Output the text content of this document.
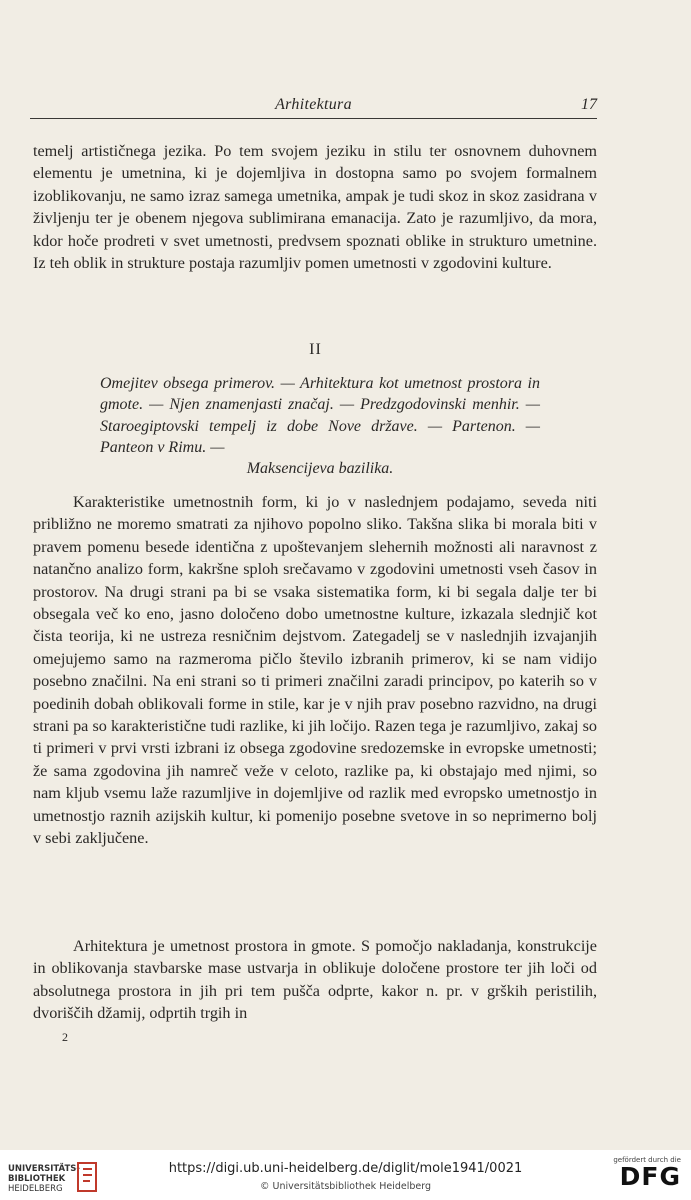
Arhitektura	17

temelj artističnega jezika. Po tem svojem jeziku in stilu ter osnovnem duhovnem elementu je umetnina, ki je dojemljiva in dostopna samo po svojem formalnem izoblikovanju, ne samo izraz samega umetnika, ampak je tudi skoz in skoz zasidrana v življenju ter je obenem njegova sublimirana emanacija. Zato je razumljivo, da mora, kdor hoče prodreti v svet umetnosti, predvsem spoznati oblike in strukturo umetnine. Iz teh oblik in strukture postaja razumljiv pomen umetnosti v zgodovini kulture.

II
Omejitev obsega primerov. — Arhitektura kot umetnost prostora in gmote. — Njen znamenjasti značaj. — Predzgodovinski menhir. — Staroegiptovski tempelj iz dobe Nove države. — Partenon. — Panteon v Rimu. —
Maksencijeva bazilika.

Karakteristike umetnostnih form, ki jo v naslednjem podajamo, seveda niti približno ne moremo smatrati za njihovo popolno sliko. Takšna slika bi morala biti v pravem pomenu besede identična z upoštevanjem slehernih možnosti ali naravnost z natančno analizo form, kakršne sploh srečavamo v zgodovini umetnosti vseh časov in prostorov. Na drugi strani pa bi se vsaka sistematika form, ki bi segala dalje ter bi obsegala več ko eno, jasno določeno dobo umetnostne kulture, izkazala slednjič kot čista teorija, ki ne ustreza resničnim dejstvom. Zategadelj se v naslednjih izvajanjih omejujemo samo na razmeroma pičlo število izbranih primerov, ki se nam vidijo posebno značilni. Na eni strani so ti primeri značilni zaradi principov, po katerih so v poedinih dobah oblikovali forme in stile, kar je v njih prav posebno razvidno, na drugi strani pa so karakteristične tudi razlike, ki jih ločijo. Razen tega je razumljivo, zakaj so ti primeri v prvi vrsti izbrani iz obsega zgodovine sredozemske in evropske umetnosti; že sama zgodovina jih namreč veže v celoto, razlike pa, ki obstajajo med njimi, so nam kljub vsemu laže razumljive in dojemljive od razlik med evropsko umetnostjo in umetnostjo raznih azijskih kultur, ki pomenijo posebne svetove in so neprimerno bolj v sebi zaključene.

Arhitektura je umetnost prostora in gmote. S pomočjo nakladanja, konstrukcije in oblikovanja stavbarske mase ustvarja in oblikuje določene prostore ter jih loči od absolutnega prostora in jih pri tem pušča odprte, kakor n. pr. v grških peristilih, dvoriščih džamij, odprtih trgih in

2
UNIVERSITÄTS-
BIBLIOTHEK
HEIDELBERG
https://digi.ub.uni-heidelberg.de/diglit/mole1941/0021
© Universitätsbibliothek Heidelberg
gefördert durch die
DFG
